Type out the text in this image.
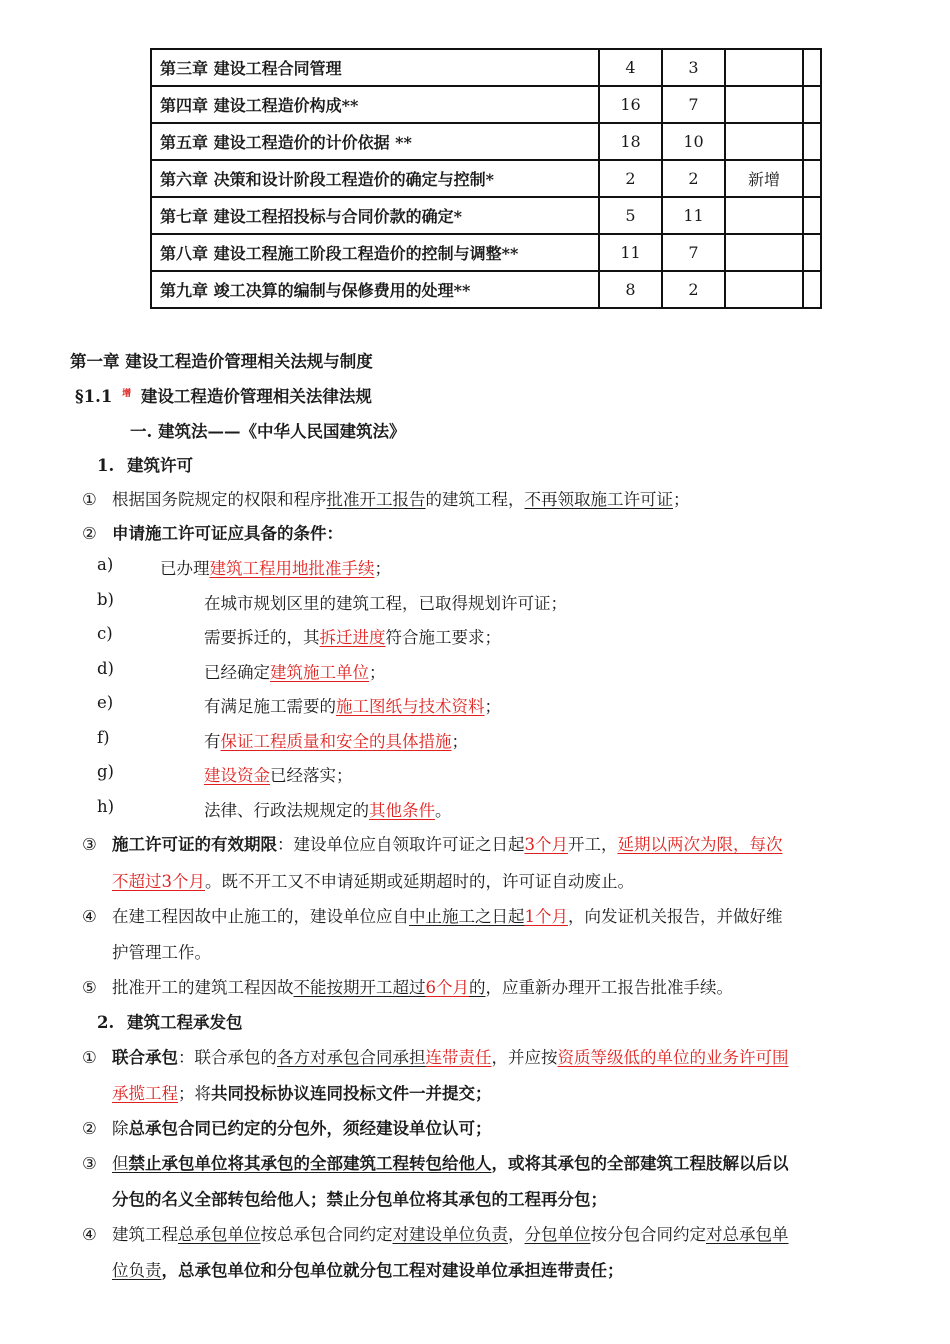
第三章 建设工程合同管理	4	3		
第四章 建设工程造价构成**	16	7		
第五章 建设工程造价的计价依据 **	18	10		
第六章 决策和设计阶段工程造价的确定与控制*	2	2	新增	
第七章 建设工程招投标与合同价款的确定*	5	11		
第八章 建设工程施工阶段工程造价的控制与调整**	11	7		
第九章 竣工决算的编制与保修费用的处理**	8	2		
第一章 建设工程造价管理相关法规与制度
§1.1 $^增$ 建设工程造价管理相关法律法规
一. 建筑法——《中华人民国建筑法》
1. 建筑许可
① 根据国务院规定的权限和程序批准开工报告的建筑工程，不再领取施工许可证；
② 申请施工许可证应具备的条件：
a)	已办理建筑工程用地批准手续；
b)	在城市规划区里的建筑工程，已取得规划许可证；
c)	需要拆迁的，其拆迁进度符合施工要求；
d)	已经确定建筑施工单位；
e)	有满足施工需要的施工图纸与技术资料；
f)	有保证工程质量和安全的具体措施；
g)	建设资金已经落实；
h)	法律、行政法规规定的其他条件。
③ 施工许可证的有效期限：建设单位应自领取许可证之日起3个月开工，延期以两次为限，每次
不超过3个月。既不开工又不申请延期或延期超时的，许可证自动废止。
④ 在建工程因故中止施工的，建设单位应自中止施工之日起1个月，向发证机关报告，并做好维
护管理工作。
⑤ 批准开工的建筑工程因故不能按期开工超过6个月的，应重新办理开工报告批准手续。
2. 建筑工程承发包
① 联合承包：联合承包的各方对承包合同承担连带责任，并应按资质等级低的单位的业务许可围
承揽工程；将共同投标协议连同投标文件一并提交；
② 除总承包合同已约定的分包外，须经建设单位认可；
③ 但禁止承包单位将其承包的全部建筑工程转包给他人，或将其承包的全部建筑工程肢解以后以
分包的名义全部转包给他人；禁止分包单位将其承包的工程再分包；
④ 建筑工程总承包单位按总承包合同约定对建设单位负责，分包单位按分包合同约定对总承包单
位负责，总承包单位和分包单位就分包工程对建设单位承担连带责任；
